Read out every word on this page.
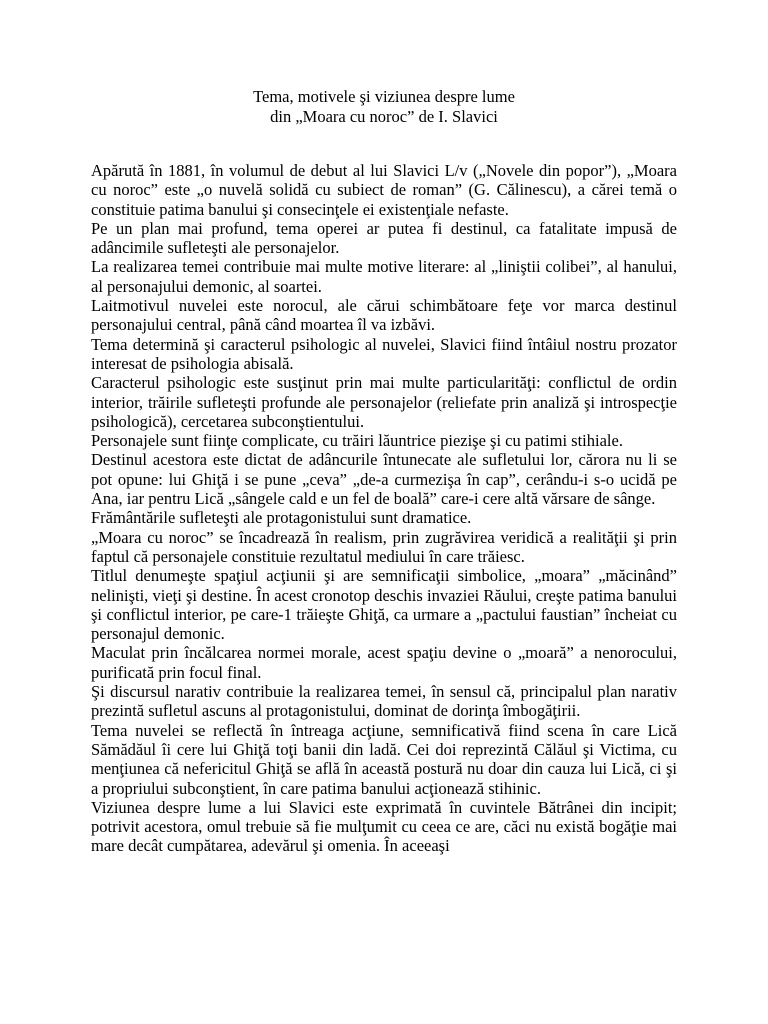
Tema, motivele şi viziunea despre lume
din „Moara cu noroc” de I. Slavici

Apărută în 1881, în volumul de debut al lui Slavici L/v („Novele din popor”), „Moara cu noroc” este „o nuvelă solidă cu subiect de roman” (G. Călinescu), a cărei temă o constituie patima banului şi consecinţele ei existenţiale nefaste.

Pe un plan mai profund, tema operei ar putea fi destinul, ca fatalitate impusă de adâncimile sufleteşti ale personajelor.

La realizarea temei contribuie mai multe motive literare: al „liniştii colibei”, al hanului, al personajului demonic, al soartei.

Laitmotivul nuvelei este norocul, ale cărui schimbătoare feţe vor marca destinul personajului central, până când moartea îl va izbăvi.

Tema determină şi caracterul psihologic al nuvelei, Slavici fiind întâiul nostru prozator interesat de psihologia abisală.

Caracterul psihologic este susţinut prin mai multe particularităţi: conflictul de ordin interior, trăirile sufleteşti profunde ale personajelor (reliefate prin analiză şi introspecţie psihologică), cercetarea subconştientului.

Personajele sunt fiinţe complicate, cu trăiri lăuntrice piezişe şi cu patimi stihiale.

Destinul acestora este dictat de adâncurile întunecate ale sufletului lor, cărora nu li se pot opune: lui Ghiţă i se pune „ceva” „de-a curmezişa în cap”, cerându-i s-o ucidă pe Ana, iar pentru Lică „sângele cald e un fel de boală” care-i cere altă vărsare de sânge.

Frământările sufleteşti ale protagonistului sunt dramatice.

„Moara cu noroc” se încadrează în realism, prin zugrăvirea veridică a realităţii şi prin faptul că personajele constituie rezultatul mediului în care trăiesc.

Titlul denumeşte spaţiul acţiunii şi are semnificaţii simbolice, „moara” „măcinând” nelinişti, vieţi şi destine. În acest cronotop deschis invaziei Răului, creşte patima banului şi conflictul interior, pe care-1 trăieşte Ghiţă, ca urmare a „pactului faustian” încheiat cu personajul demonic.

Maculat prin încălcarea normei morale, acest spaţiu devine o „moară” a nenorocului, purificată prin focul final.

Şi discursul narativ contribuie la realizarea temei, în sensul că, principalul plan narativ prezintă sufletul ascuns al protagonistului, dominat de dorinţa îmbogăţirii.

Tema nuvelei se reflectă în întreaga acţiune, semnificativă fiind scena în care Lică Sămădăul îi cere lui Ghiţă toţi banii din ladă. Cei doi reprezintă Călăul şi Victima, cu menţiunea că nefericitul Ghiţă se află în această postură nu doar din cauza lui Lică, ci şi a propriului subconştient, în care patima banului acţionează stihinic.

Viziunea despre lume a lui Slavici este exprimată în cuvintele Bătrânei din incipit; potrivit acestora, omul trebuie să fie mulţumit cu ceea ce are, căci nu există bogăţie mai mare decât cumpătarea, adevărul şi omenia. În aceeaşi
